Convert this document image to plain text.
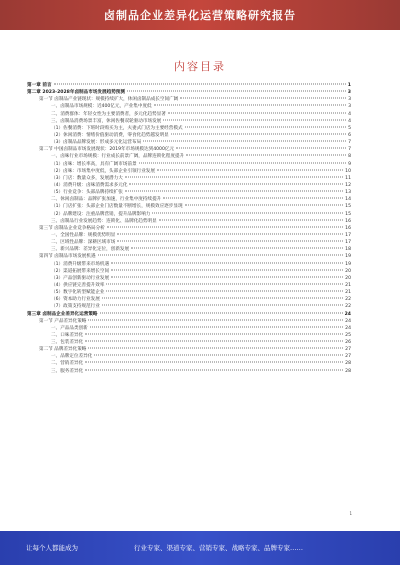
卤制品企业差异化运营策略研究报告
内容目录
第一章 前言	1
第二章 2023-2028年卤制品市场发展趋势预测	3
第一节 卤制品产业链现状：规模持续扩大，休闲卤制品成长空间广阔	3
一、卤制品市场规模：近400亿元，产业集中度低	3
二、消费群体：年轻女性为主要消费者，多元化趋势显著	4
三、卤制品消费场景丰富，休闲佐餐双轮驱动市场发展	4
（1）佐餐消费：下班时段购买为主，夫妻式门店为主要经营模式	5
（2）休闲消费：情绪价值驱动消费，零食化趋势越发明显	6
（3）卤制品品牌发展：形成多元化运营布局	7
第二节 中国卤制品市场发展现状：2019年市场规模达到4000亿元	7
一、卤味行业市场规模：行业成长前景广阔，品牌连锁化程度提升	8
（1）卤味：增长率高，具有广阔市场前景	9
（2）卤味：市场集中度低，头部企业引领行业发展	10
（3）门店：数量众多，发展潜力大	11
（4）消费升级：卤味消费需求多元化	12
（5）行业竞争：头部品牌持续扩张	13
二、休闲卤制品：品牌扩张加速，行业集中度持续提升	14
（1）门店扩张：头部企业门店数量不断增长，规模效应逐步显现	15
（2）品牌建设：注重品牌营销，提升品牌影响力	15
三、卤制品行业发展趋势：连锁化、品牌化趋势明显	16
第三节 卤制品企业竞争格局分析	16
一、全国性品牌：规模优势明显	17
二、区域性品牌：深耕区域市场	17
三、新兴品牌：差异化定位，创新发展	18
第四节 卤制品市场发展机遇	19
（1）消费升级带来市场机遇	19
（2）渠道拓展带来增长空间	20
（3）产品创新驱动行业发展	20
（4）供应链完善提升效率	21
（5）数字化转型赋能企业	21
（6）资本助力行业发展	22
（7）政策支持规范行业	22
第三章 卤制品企业差异化运营策略	24
第一节 产品差异化策略	24
一、产品品类创新	24
二、口味差异化	25
三、包装差异化	26
第二节 品牌差异化策略	27
一、品牌定位差异化	27
二、营销差异化	28
三、服务差异化	28
1
让每个人都能成为	行业专家、渠道专家、营销专家、战略专家、品牌专家……
